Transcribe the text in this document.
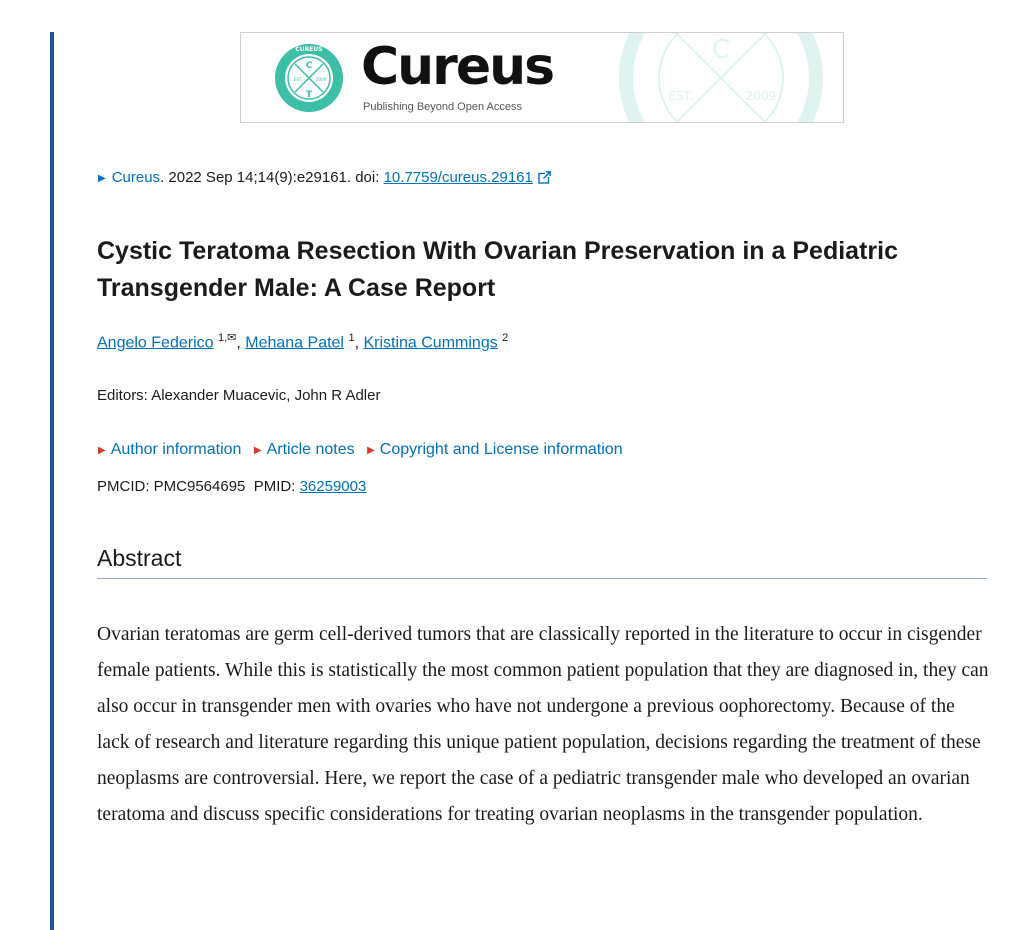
C
T
EST.	2009
CUREUS Cureus
Publishing Beyond Open Access
C
EST.	2009
▶ Cureus. 2022 Sep 14;14(9):e29161. doi: 10.7759/cureus.29161
Cystic Teratoma Resection With Ovarian Preservation in a Pediatric Transgender Male: A Case Report
Angelo Federico $^{1,✉}$, Mehana Patel $^1$, Kristina Cummings $^2$
Editors: Alexander Muacevic, John R Adler
▶ Author information ▶ Article notes ▶ Copyright and License information
PMCID: PMC9564695 PMID: 36259003
Abstract

Ovarian teratomas are germ cell-derived tumors that are classically reported in the literature to occur in cisgender female patients. While this is statistically the most common patient population that they are diagnosed in, they can also occur in transgender men with ovaries who have not undergone a previous oophorectomy. Because of the lack of research and literature regarding this unique patient population, decisions regarding the treatment of these neoplasms are controversial. Here, we report the case of a pediatric transgender male who developed an ovarian teratoma and discuss specific considerations for treating ovarian neoplasms in the transgender population.
